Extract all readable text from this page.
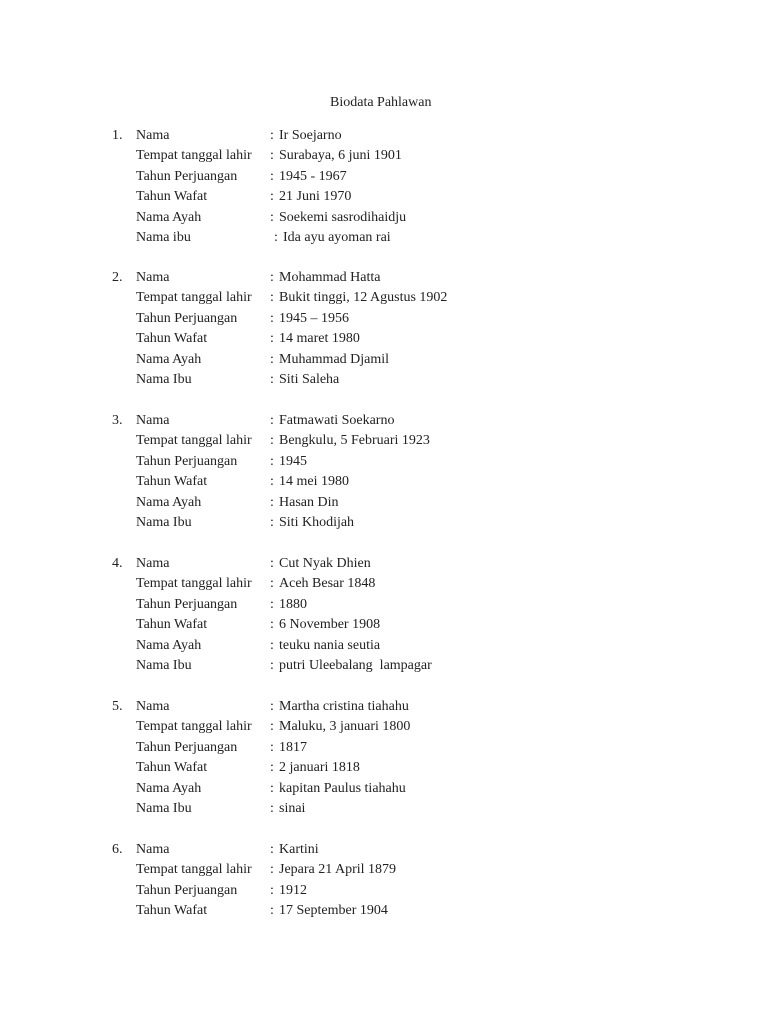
Biodata Pahlawan
1. Nama	: Ir Soejarno
Tempat tanggal lahir : Surabaya, 6 juni 1901
Tahun Perjuangan : 1945 - 1967
Tahun Wafat	: 21 Juni 1970
Nama Ayah	: Soekemi sasrodihaidju
Nama ibu	: Ida ayu ayoman rai
2. Nama	: Mohammad Hatta
Tempat tanggal lahir : Bukit tinggi, 12 Agustus 1902
Tahun Perjuangan : 1945 – 1956
Tahun Wafat	: 14 maret 1980
Nama Ayah	: Muhammad Djamil
Nama Ibu	: Siti Saleha
3. Nama	: Fatmawati Soekarno
Tempat tanggal lahir : Bengkulu, 5 Februari 1923
Tahun Perjuangan : 1945
Tahun Wafat	: 14 mei 1980
Nama Ayah	: Hasan Din
Nama Ibu	: Siti Khodijah
4. Nama	: Cut Nyak Dhien
Tempat tanggal lahir : Aceh Besar 1848
Tahun Perjuangan : 1880
Tahun Wafat	: 6 November 1908
Nama Ayah	: teuku nania seutia
Nama Ibu	: putri Uleebalang  lampagar
5. Nama	: Martha cristina tiahahu
Tempat tanggal lahir : Maluku, 3 januari 1800
Tahun Perjuangan : 1817
Tahun Wafat	: 2 januari 1818
Nama Ayah	: kapitan Paulus tiahahu
Nama Ibu	: sinai
6. Nama	: Kartini
Tempat tanggal lahir : Jepara 21 April 1879
Tahun Perjuangan : 1912
Tahun Wafat	: 17 September 1904
